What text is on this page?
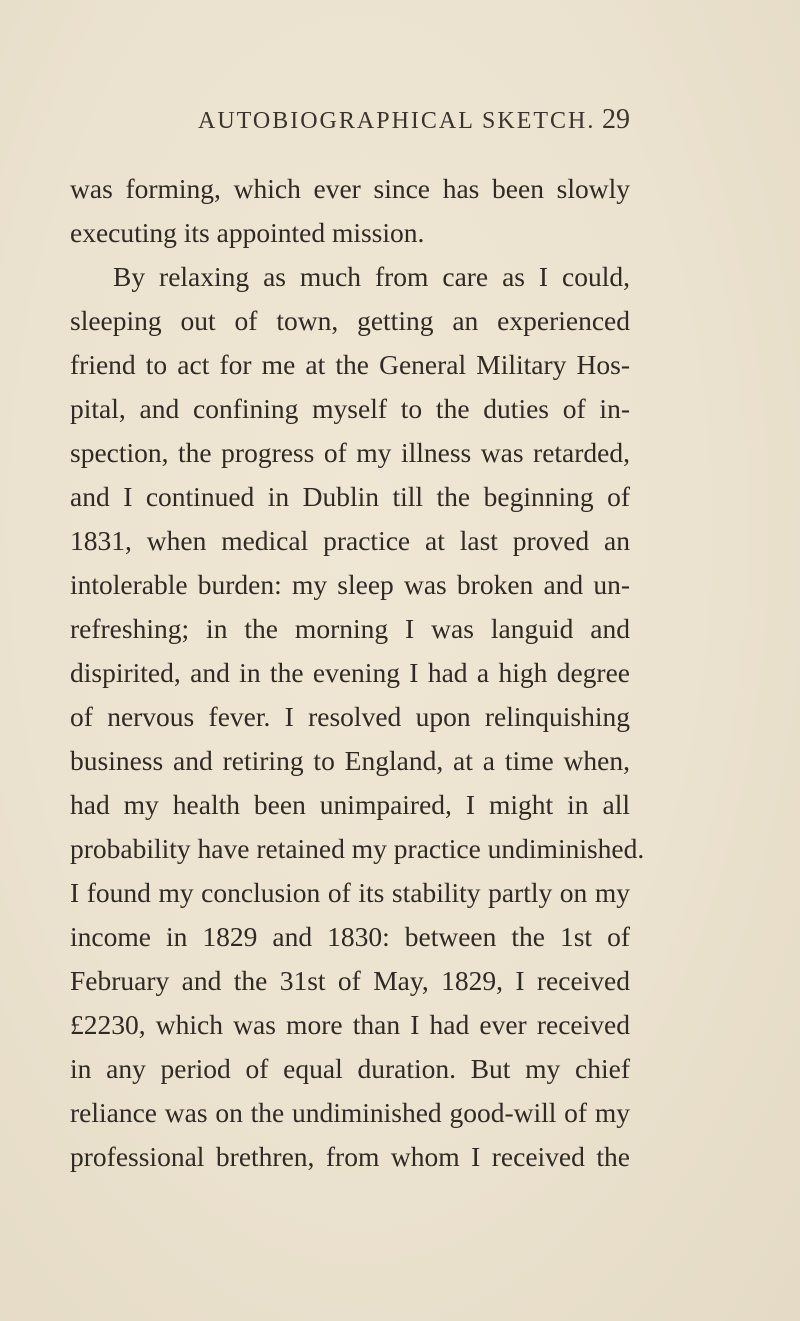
AUTOBIOGRAPHICAL SKETCH. 29
was forming, which ever since has been slowly
executing its appointed mission.
By relaxing as much from care as I could,
sleeping out of town, getting an experienced
friend to act for me at the General Military Hos-
pital, and confining myself to the duties of in-
spection, the progress of my illness was retarded,
and I continued in Dublin till the beginning of
1831, when medical practice at last proved an
intolerable burden: my sleep was broken and un-
refreshing; in the morning I was languid and
dispirited, and in the evening I had a high degree
of nervous fever. I resolved upon relinquishing
business and retiring to England, at a time when,
had my health been unimpaired, I might in all
probability have retained my practice undiminished.
I found my conclusion of its stability partly on my
income in 1829 and 1830: between the 1st of
February and the 31st of May, 1829, I received
£2230, which was more than I had ever received
in any period of equal duration. But my chief
reliance was on the undiminished good-will of my
professional brethren, from whom I received the
